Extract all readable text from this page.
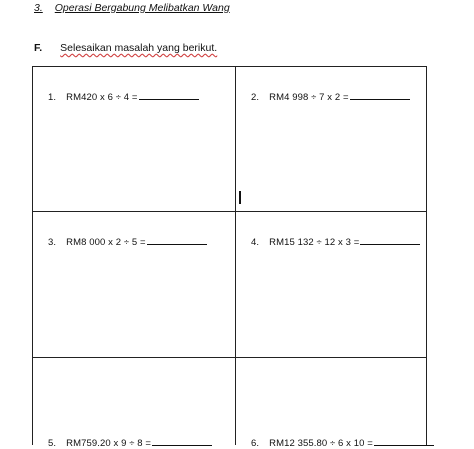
3. Operasi Bergabung Melibatkan Wang
F. Selesaikan masalah yang berikut.
1. RM420 x 6 ÷ 4 =	2. RM4 998 ÷ 7 x 2 =
3. RM8 000 x 2 ÷ 5 =	4. RM15 132 ÷ 12 x 3 =
5. RM759.20 x 9 ÷ 8 =	6. RM12 355.80 ÷ 6 x 10 =
